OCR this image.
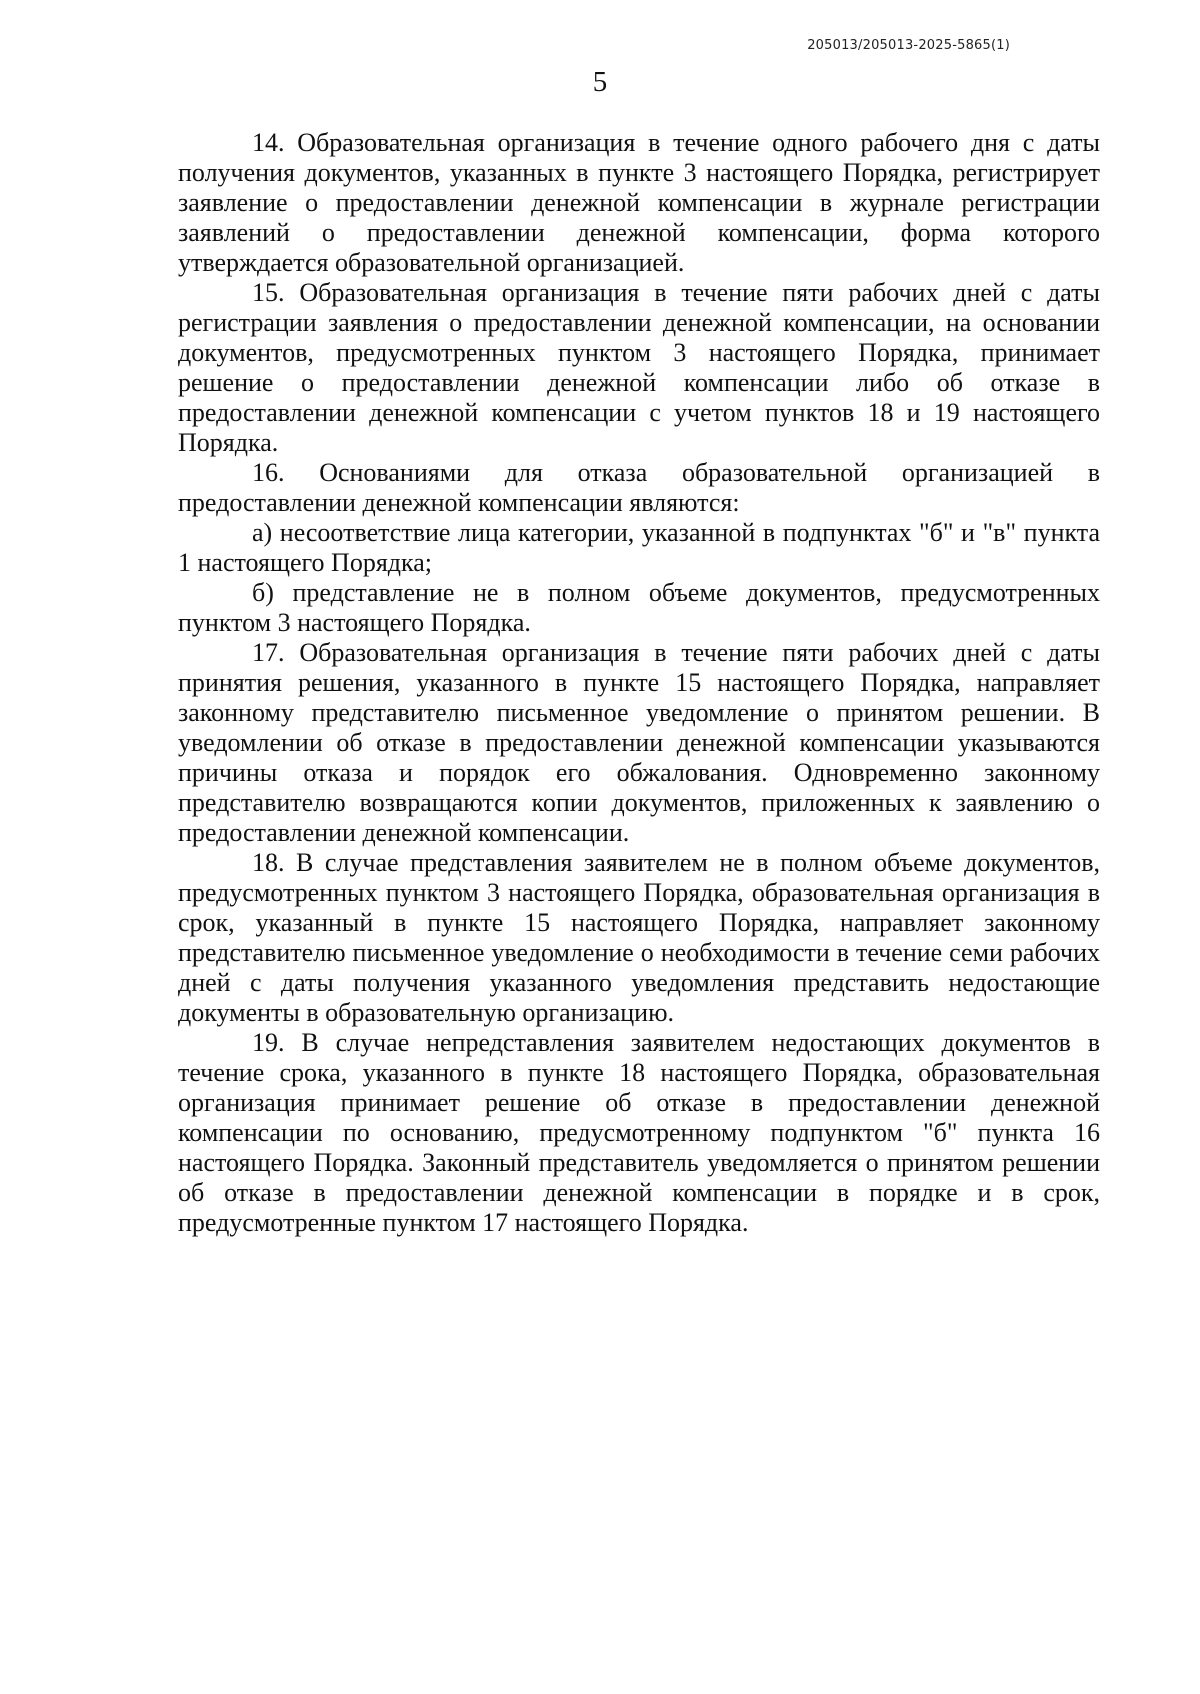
205013/205013-2025-5865(1)
5

14. Образовательная организация в течение одного рабочего дня с даты получения документов, указанных в пункте 3 настоящего Порядка, регистрирует заявление о предоставлении денежной компенсации в журнале регистрации заявлений о предоставлении денежной компенсации, форма которого утверждается образовательной организацией.

15. Образовательная организация в течение пяти рабочих дней с даты регистрации заявления о предоставлении денежной компенсации, на основании документов, предусмотренных пунктом 3 настоящего Порядка, принимает решение о предоставлении денежной компенсации либо об отказе в предоставлении денежной компенсации с учетом пунктов 18 и 19 настоящего Порядка.

16. Основаниями для отказа образовательной организацией в предоставлении денежной компенсации являются:

а) несоответствие лица категории, указанной в подпунктах "б" и "в" пункта 1 настоящего Порядка;

б) представление не в полном объеме документов, предусмотренных пунктом 3 настоящего Порядка.

17. Образовательная организация в течение пяти рабочих дней с даты принятия решения, указанного в пункте 15 настоящего Порядка, направляет законному представителю письменное уведомление о принятом решении. В уведомлении об отказе в предоставлении денежной компенсации указываются причины отказа и порядок его обжалования. Одновременно законному представителю возвращаются копии документов, приложенных к заявлению о предоставлении денежной компенсации.

18. В случае представления заявителем не в полном объеме документов, предусмотренных пунктом 3 настоящего Порядка, образовательная организация в срок, указанный в пункте 15 настоящего Порядка, направляет законному представителю письменное уведомление о необходимости в течение семи рабочих дней с даты получения указанного уведомления представить недостающие документы в образовательную организацию.

19. В случае непредставления заявителем недостающих документов в течение срока, указанного в пункте 18 настоящего Порядка, образовательная организация принимает решение об отказе в предоставлении денежной компенсации по основанию, предусмотренному подпунктом "б" пункта 16 настоящего Порядка. Законный представитель уведомляется о принятом решении об отказе в предоставлении денежной компенсации в порядке и в срок, предусмотренные пунктом 17 настоящего Порядка.
